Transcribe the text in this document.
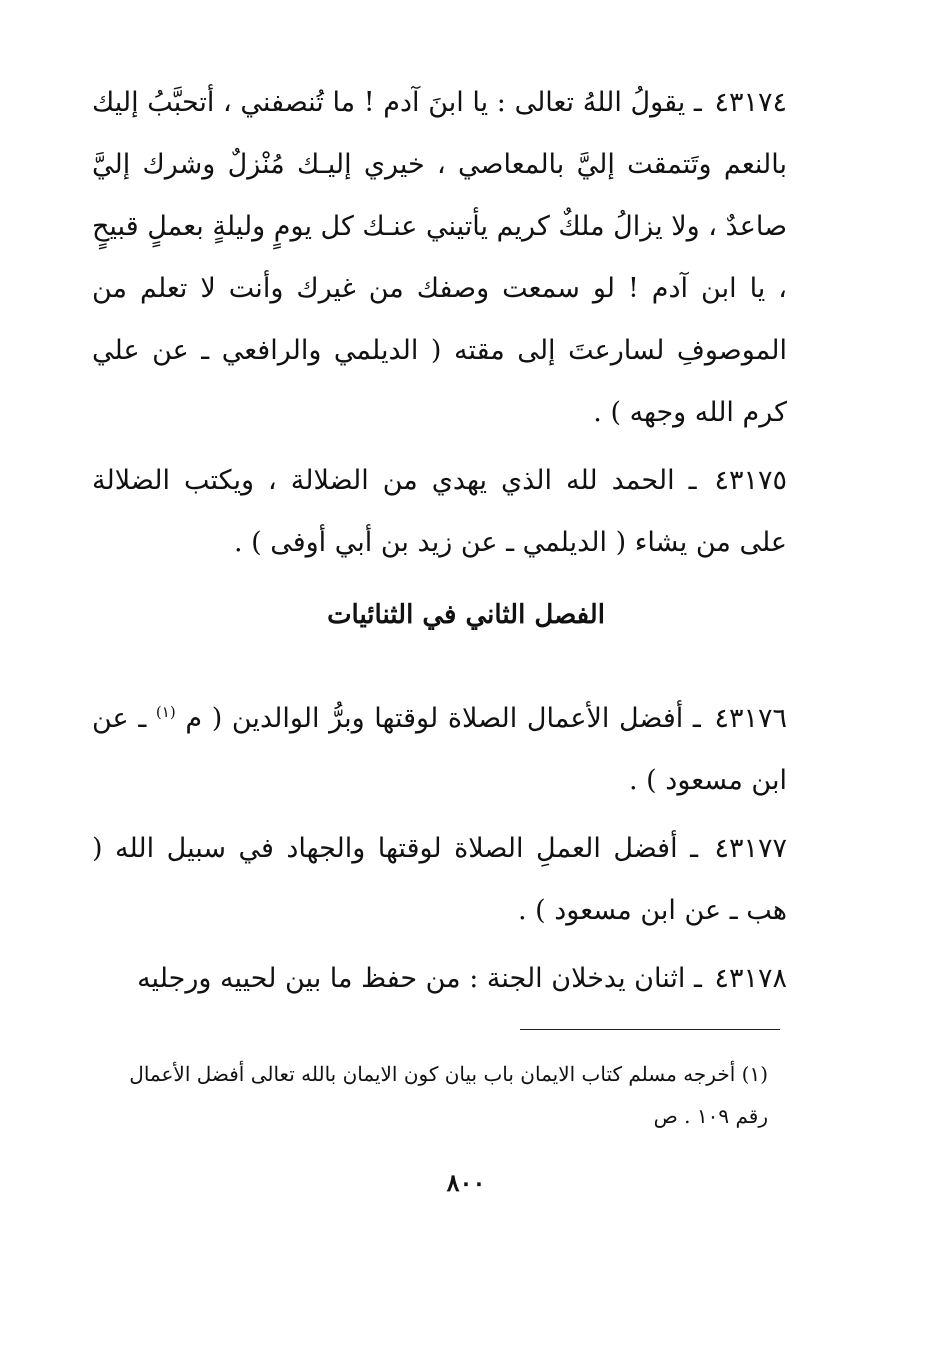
٤٣١٧٤ ـ يقولُ اللهُ تعالى : يا ابنَ آدم ! ما تُنصفني ، أتحبَّبُ إليك بالنعم وتَتمقت إليَّ بالمعاصي ، خيري إليـك مُنْزلٌ وشرك إليَّ صاعدٌ ، ولا يزالُ ملكٌ كريم يأتيني عنـك كل يومٍ وليلةٍ بعملٍ قبيحٍ ، يا ابن آدم ! لو سمعت وصفك من غيرك وأنت لا تعلم من الموصوفِ لسارعتَ إلى مقته ( الديلمي والرافعي ـ عن علي كرم الله وجهه ) .

٤٣١٧٥ ـ الحمد لله الذي يهدي من الضلالة ، ويكتب الضلالة على من يشاء ( الديلمي ـ عن زيد بن أبي أوفى ) .

الفصل الثاني في الثنائيات

٤٣١٧٦ ـ أفضل الأعمال الصلاة لوقتها وبرُّ الوالدين ( م $^{(١)}$ ـ عن ابن مسعود ) .

٤٣١٧٧ ـ أفضل العملِ الصلاة لوقتها والجهاد في سبيل الله ( هب ـ عن ابن مسعود ) .

٤٣١٧٨ ـ اثنان يدخلان الجنة : من حفظ ما بين لحييه ورجليه

(١) أخرجه مسلم كتاب الايمان باب بيان كون الايمان بالله تعالى أفضل الأعمال
رقم ١٠٩ . ص
٨٠٠
